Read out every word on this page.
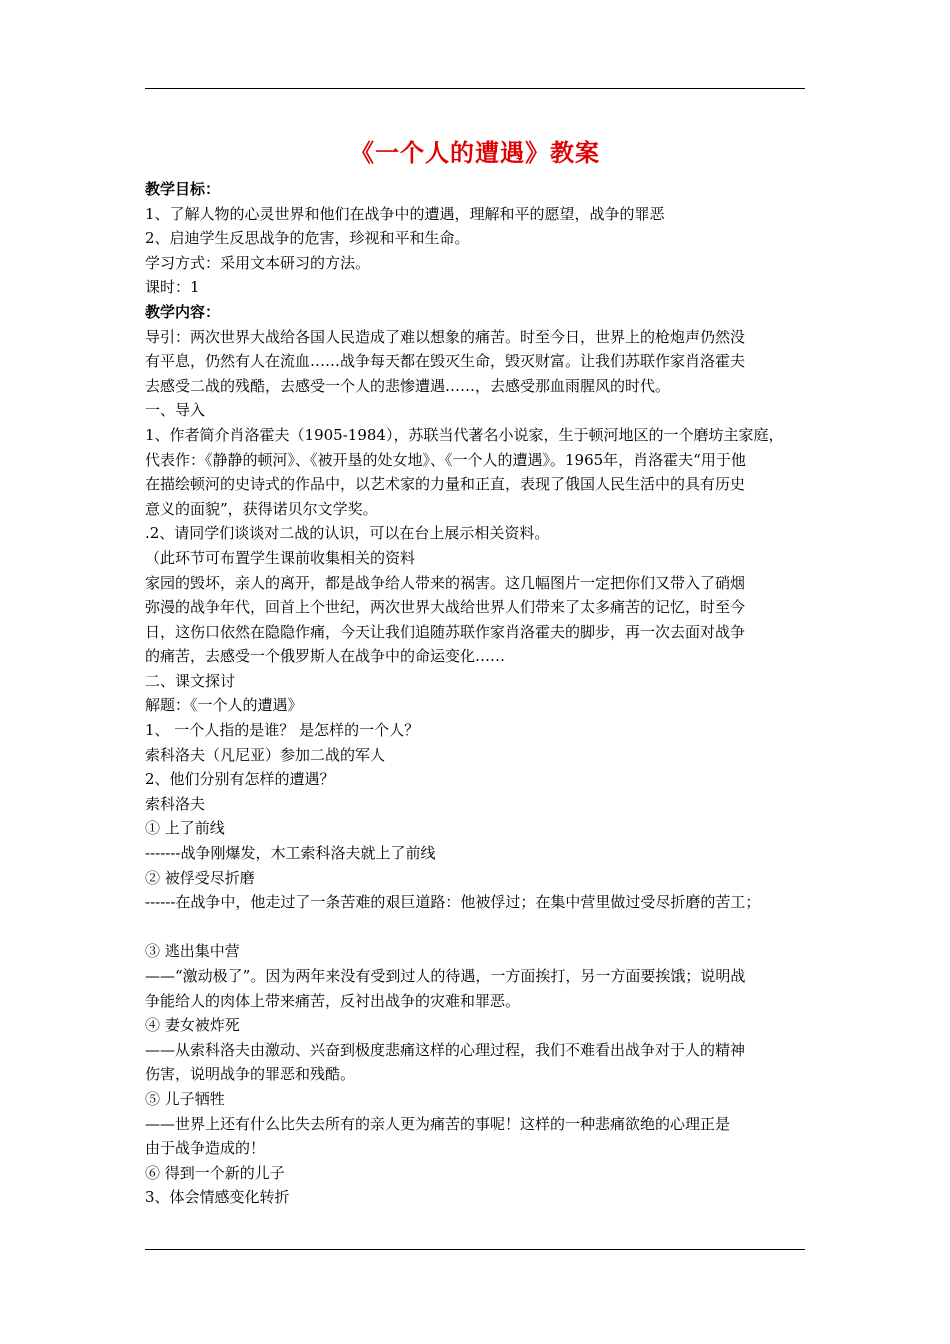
《一个人的遭遇》教案
教学目标：
1、了解人物的心灵世界和他们在战争中的遭遇，理解和平的愿望，战争的罪恶
2、启迪学生反思战争的危害，珍视和平和生命。
学习方式：采用文本研习的方法。
课时：1
教学内容：
导引：两次世界大战给各国人民造成了难以想象的痛苦。时至今日，世界上的枪炮声仍然没
有平息，仍然有人在流血……战争每天都在毁灭生命，毁灭财富。让我们苏联作家肖洛霍夫
去感受二战的残酷，去感受一个人的悲惨遭遇……，去感受那血雨腥风的时代。
一、导入
1、作者简介肖洛霍夫（1905-1984），苏联当代著名小说家，生于顿河地区的一个磨坊主家庭，
代表作：《静静的顿河》、《被开垦的处女地》、《一个人的遭遇》。1965年，肖洛霍夫“用于他
在描绘顿河的史诗式的作品中，以艺术家的力量和正直，表现了俄国人民生活中的具有历史
意义的面貌”，获得诺贝尔文学奖。
.2、请同学们谈谈对二战的认识，可以在台上展示相关资料。
（此环节可布置学生课前收集相关的资料
家园的毁坏，亲人的离开，都是战争给人带来的祸害。这几幅图片一定把你们又带入了硝烟
弥漫的战争年代，回首上个世纪，两次世界大战给世界人们带来了太多痛苦的记忆，时至今
日，这伤口依然在隐隐作痛，今天让我们追随苏联作家肖洛霍夫的脚步，再一次去面对战争
的痛苦，去感受一个俄罗斯人在战争中的命运变化……
二、课文探讨
解题：《一个人的遭遇》
1、 一个人指的是谁？ 是怎样的一个人？
索科洛夫（凡尼亚）参加二战的军人
2、他们分别有怎样的遭遇？
索科洛夫
① 上了前线
-------战争刚爆发，木工索科洛夫就上了前线
② 被俘受尽折磨
------在战争中，他走过了一条苦难的艰巨道路：他被俘过；在集中营里做过受尽折磨的苦工；
③ 逃出集中营
——“激动极了”。因为两年来没有受到过人的待遇，一方面挨打，另一方面要挨饿；说明战
争能给人的肉体上带来痛苦，反衬出战争的灾难和罪恶。
④ 妻女被炸死
——从索科洛夫由激动、兴奋到极度悲痛这样的心理过程，我们不难看出战争对于人的精神
伤害，说明战争的罪恶和残酷。
⑤ 儿子牺牲
——世界上还有什么比失去所有的亲人更为痛苦的事呢！这样的一种悲痛欲绝的心理正是
由于战争造成的！
⑥ 得到一个新的儿子
3、体会情感变化转折
